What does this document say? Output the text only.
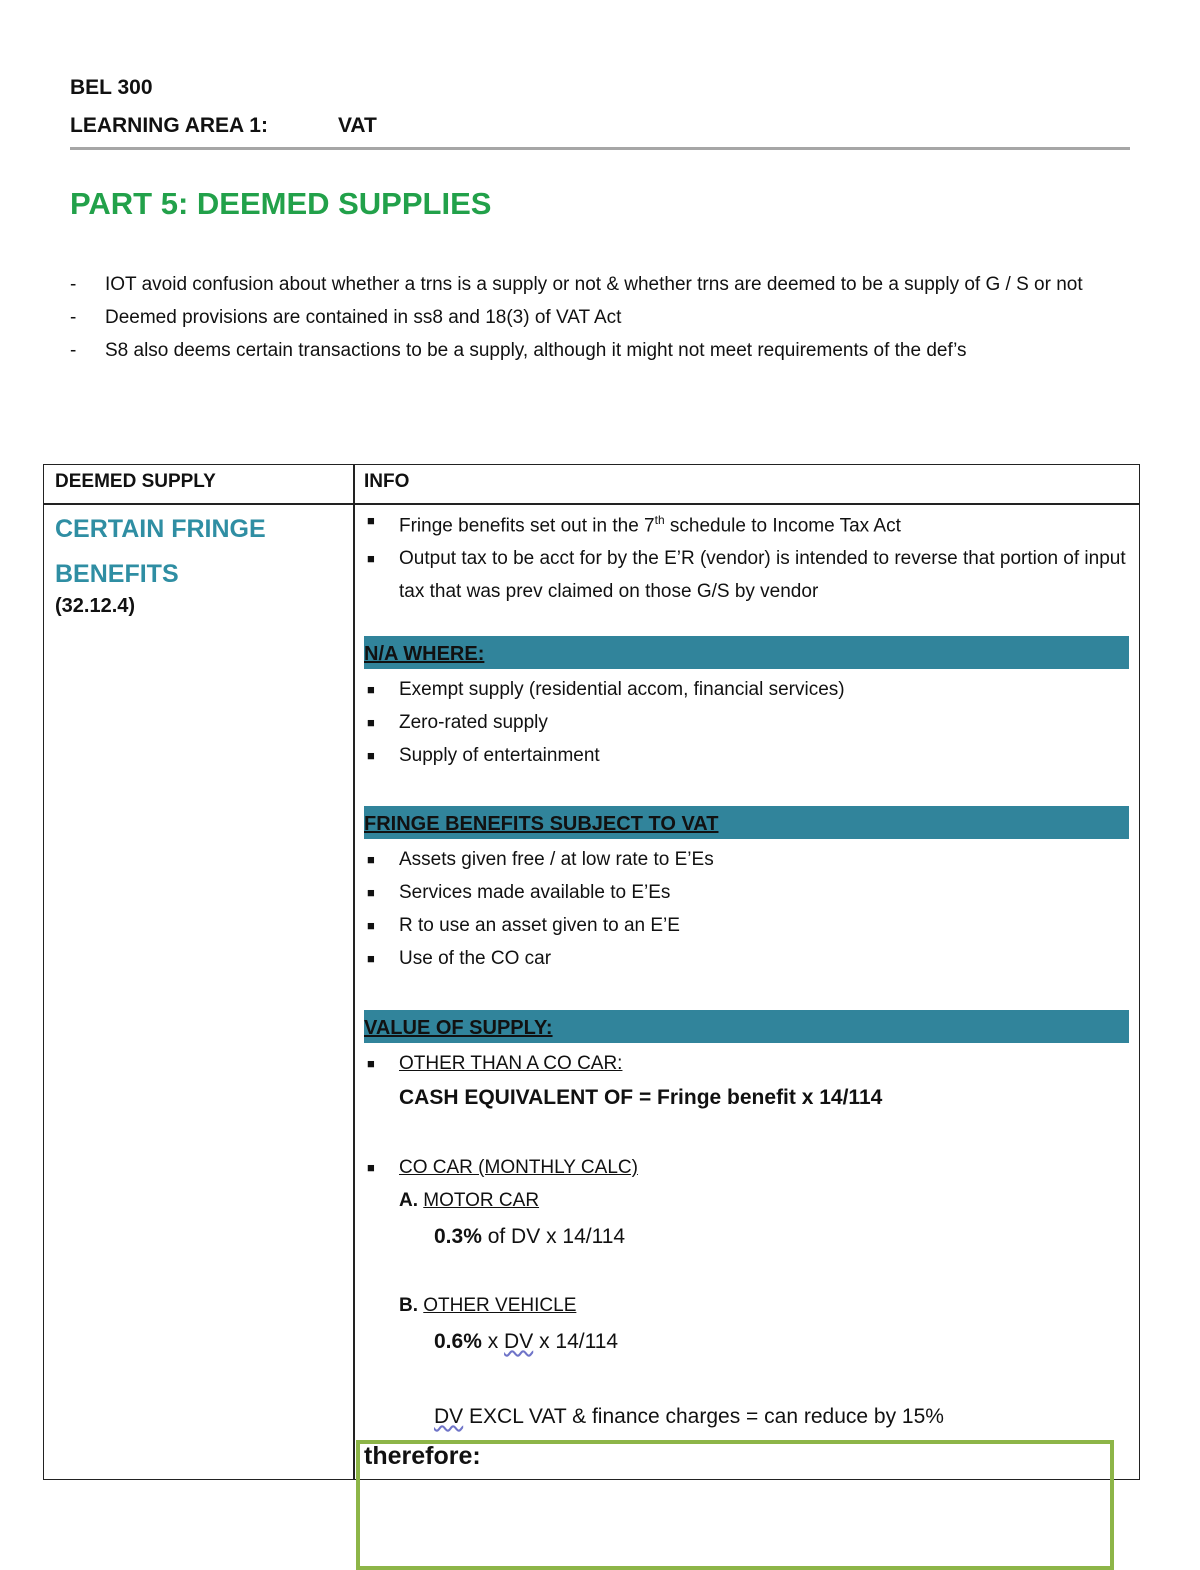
BEL 300
LEARNING AREA 1:	VAT
PART 5: DEEMED SUPPLIES
-	IOT avoid confusion about whether a trns is a supply or not & whether trns are deemed to be a supply of G / S or not
-	Deemed provisions are contained in ss8 and 18(3) of VAT Act
-	S8 also deems certain transactions to be a supply, although it might not meet requirements of the def’s
DEEMED SUPPLY	INFO
CERTAIN FRINGE BENEFITS
(32.12.4)
■	Fringe benefits set out in the 7th schedule to Income Tax Act
■	Output tax to be acct for by the E’R (vendor) is intended to reverse that portion of input tax that was prev claimed on those G/S by vendor
N/A WHERE:
■	Exempt supply (residential accom, financial services)
■	Zero-rated supply
■	Supply of entertainment
FRINGE BENEFITS SUBJECT TO VAT
■	Assets given free / at low rate to E’Es
■	Services made available to E’Es
■	R to use an asset given to an E’E
■	Use of the CO car
VALUE OF SUPPLY:
■	OTHER THAN A CO CAR:
CASH EQUIVALENT OF = Fringe benefit x 14/114
■	CO CAR (MONTHLY CALC)
A. MOTOR CAR
0.3% of DV x 14/114
B. OTHER VEHICLE
0.6% x DV x 14/114
DV EXCL VAT & finance charges = can reduce by 15%
therefore:
